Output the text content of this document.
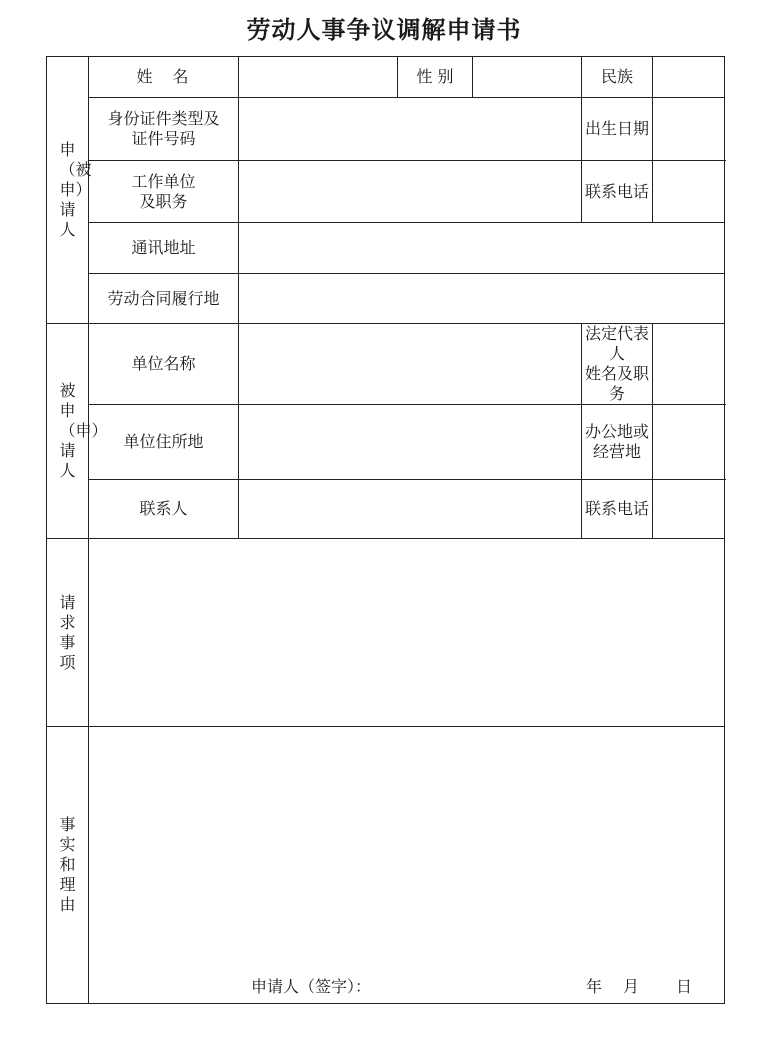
劳动人事争议调解申请书
申（被申）请人	姓　名		性 别		民族	

	身份证件类型及
证件号码				出生日期	

	工作单位
及职务				联系电话	
	通讯地址					
	劳动合同履行地					

被申（申）请人	单位名称				法定代表人
姓名及职务	

	单位住所地				办公地或
经营地	

	联系人				联系电话	

请求事项						

事实和理由	申请人（签字）： 年 月 日					
